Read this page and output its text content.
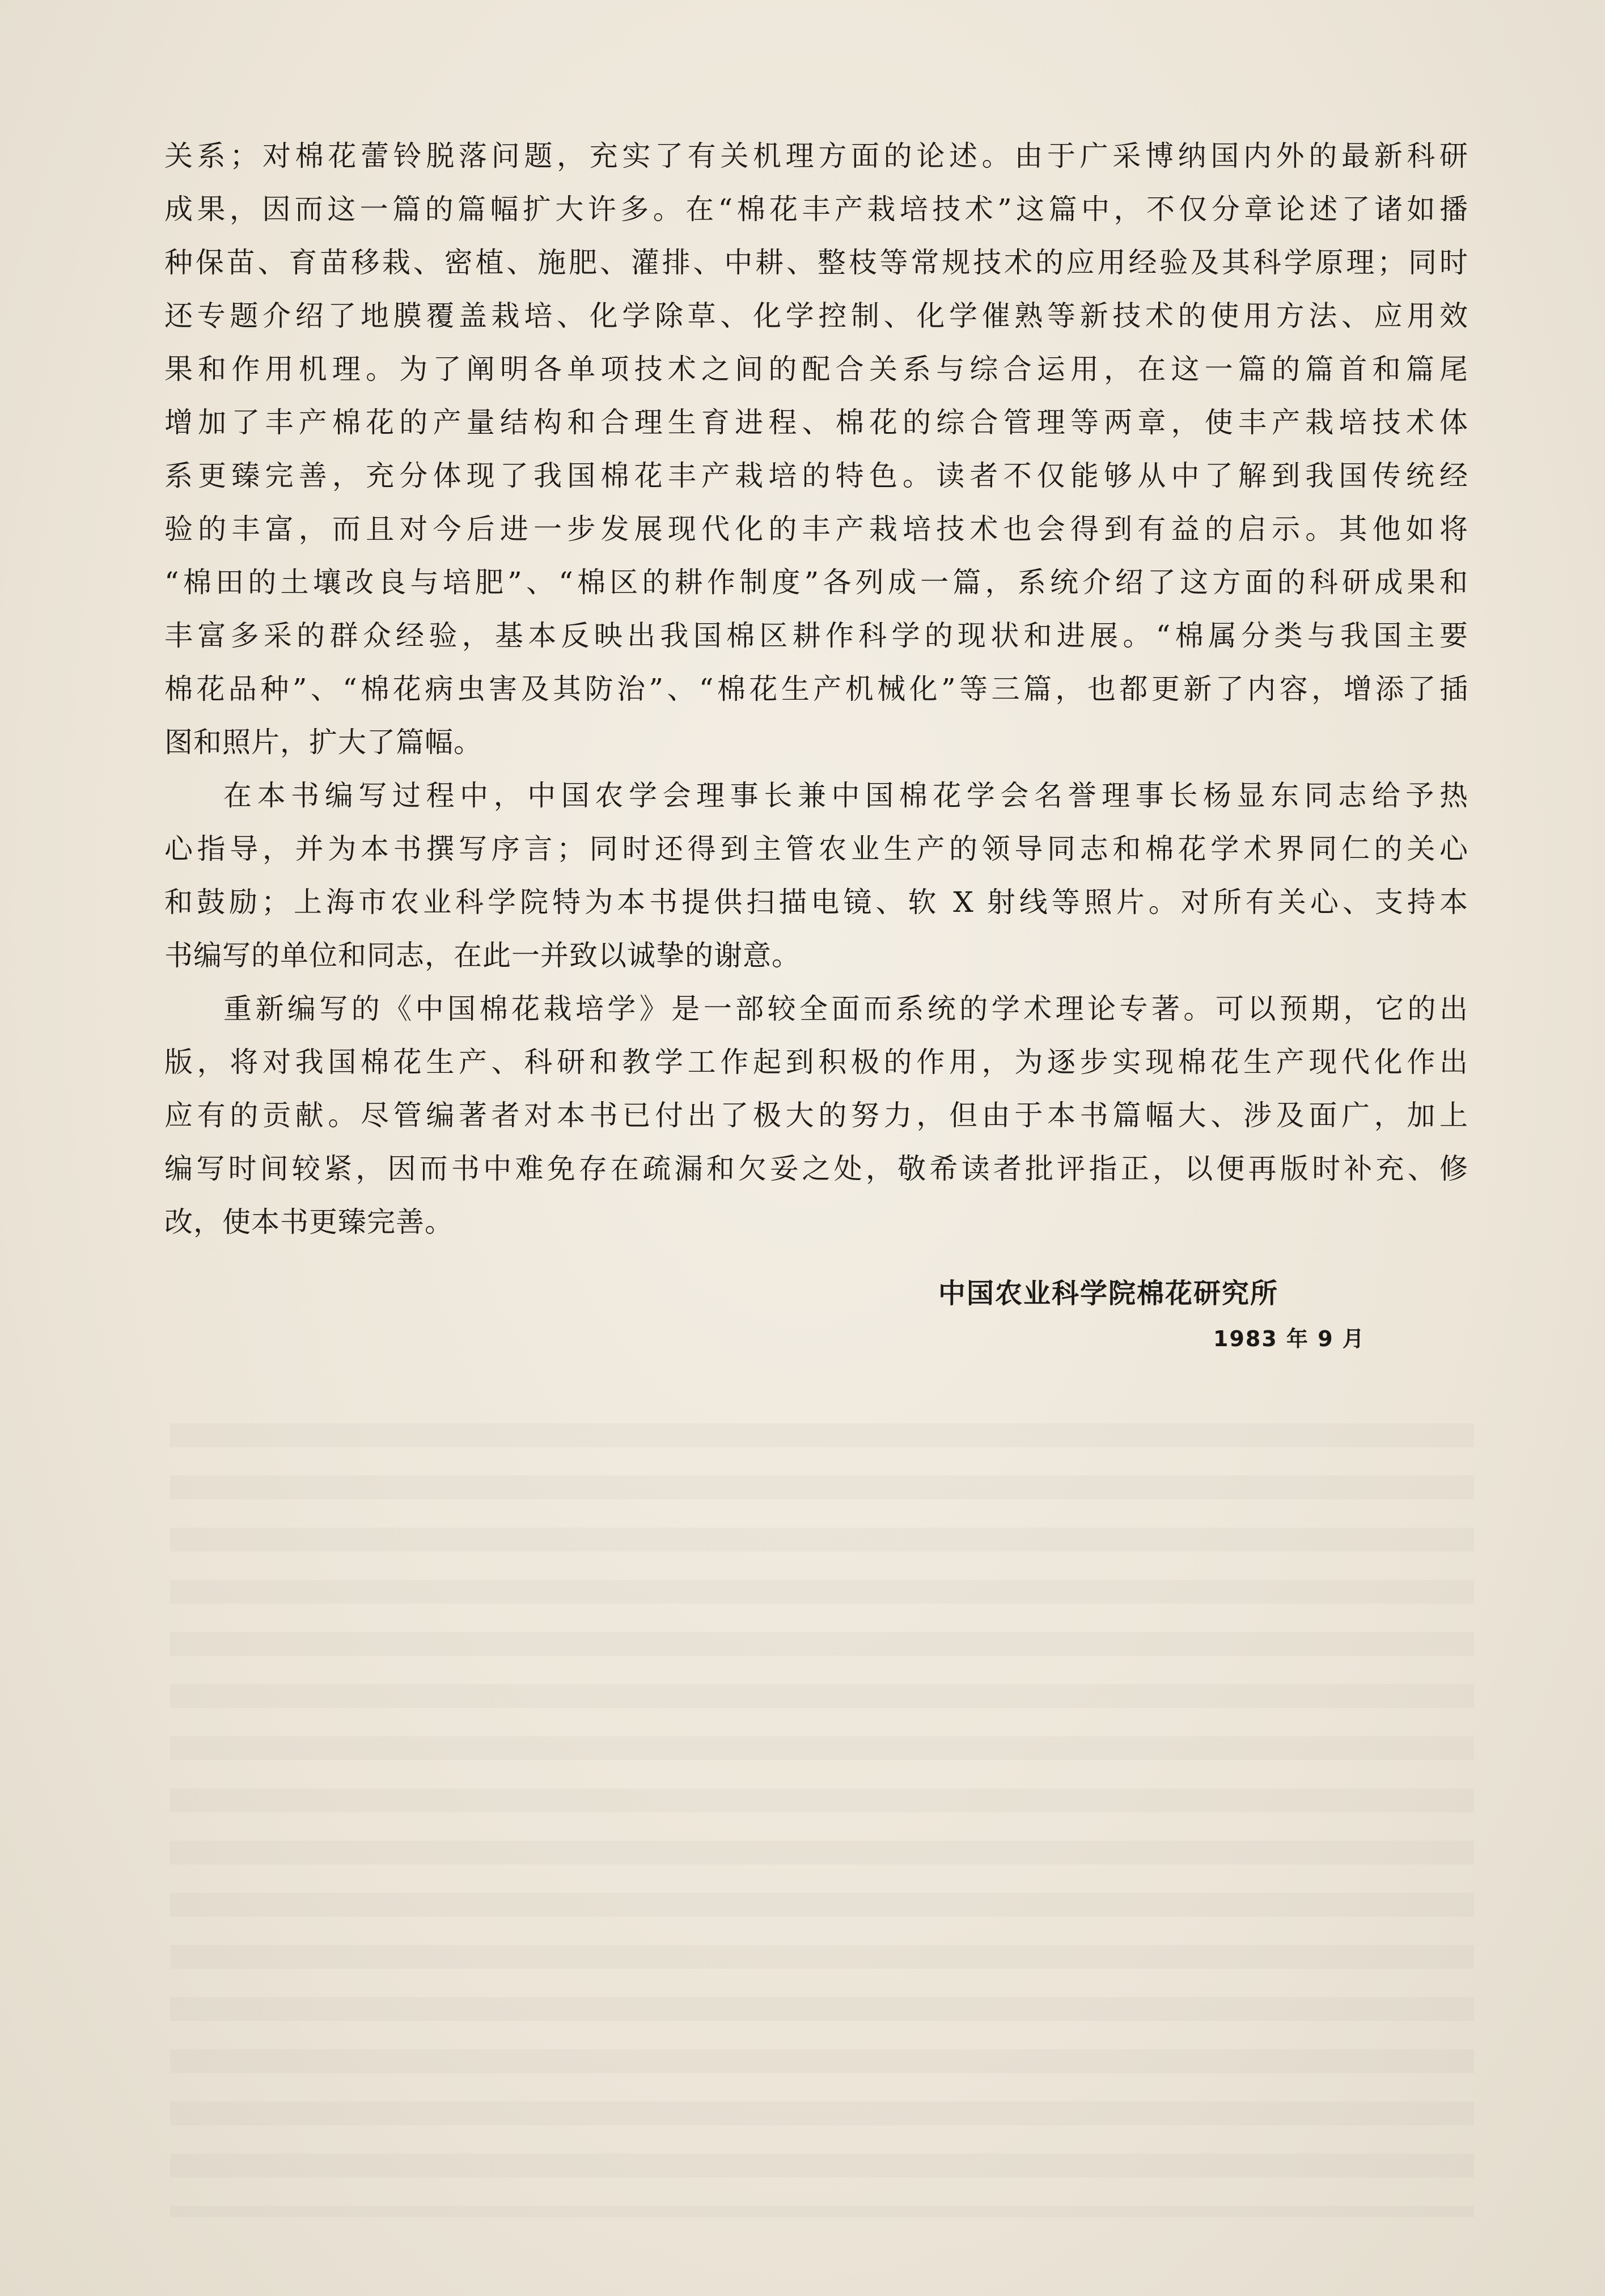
关系；对棉花蕾铃脱落问题，充实了有关机理方面的论述。由于广采博纳国内外的最新科研
成果，因而这一篇的篇幅扩大许多。在“棉花丰产栽培技术”这篇中，不仅分章论述了诸如播
种保苗、育苗移栽、密植、施肥、灌排、中耕、整枝等常规技术的应用经验及其科学原理；同时
还专题介绍了地膜覆盖栽培、化学除草、化学控制、化学催熟等新技术的使用方法、应用效
果和作用机理。为了阐明各单项技术之间的配合关系与综合运用，在这一篇的篇首和篇尾
增加了丰产棉花的产量结构和合理生育进程、棉花的综合管理等两章，使丰产栽培技术体
系更臻完善，充分体现了我国棉花丰产栽培的特色。读者不仅能够从中了解到我国传统经
验的丰富，而且对今后进一步发展现代化的丰产栽培技术也会得到有益的启示。其他如将
“棉田的土壤改良与培肥”、“棉区的耕作制度”各列成一篇，系统介绍了这方面的科研成果和
丰富多采的群众经验，基本反映出我国棉区耕作科学的现状和进展。“棉属分类与我国主要
棉花品种”、“棉花病虫害及其防治”、“棉花生产机械化”等三篇，也都更新了内容，增添了插
图和照片，扩大了篇幅。

在本书编写过程中，中国农学会理事长兼中国棉花学会名誉理事长杨显东同志给予热
心指导，并为本书撰写序言；同时还得到主管农业生产的领导同志和棉花学术界同仁的关心
和鼓励；上海市农业科学院特为本书提供扫描电镜、软 X 射线等照片。对所有关心、支持本
书编写的单位和同志，在此一并致以诚挚的谢意。

重新编写的《中国棉花栽培学》是一部较全面而系统的学术理论专著。可以预期，它的出
版，将对我国棉花生产、科研和教学工作起到积极的作用，为逐步实现棉花生产现代化作出
应有的贡献。尽管编著者对本书已付出了极大的努力，但由于本书篇幅大、涉及面广，加上
编写时间较紧，因而书中难免存在疏漏和欠妥之处，敬希读者批评指正，以便再版时补充、修
改，使本书更臻完善。

中国农业科学院棉花研究所
1983 年 9 月
